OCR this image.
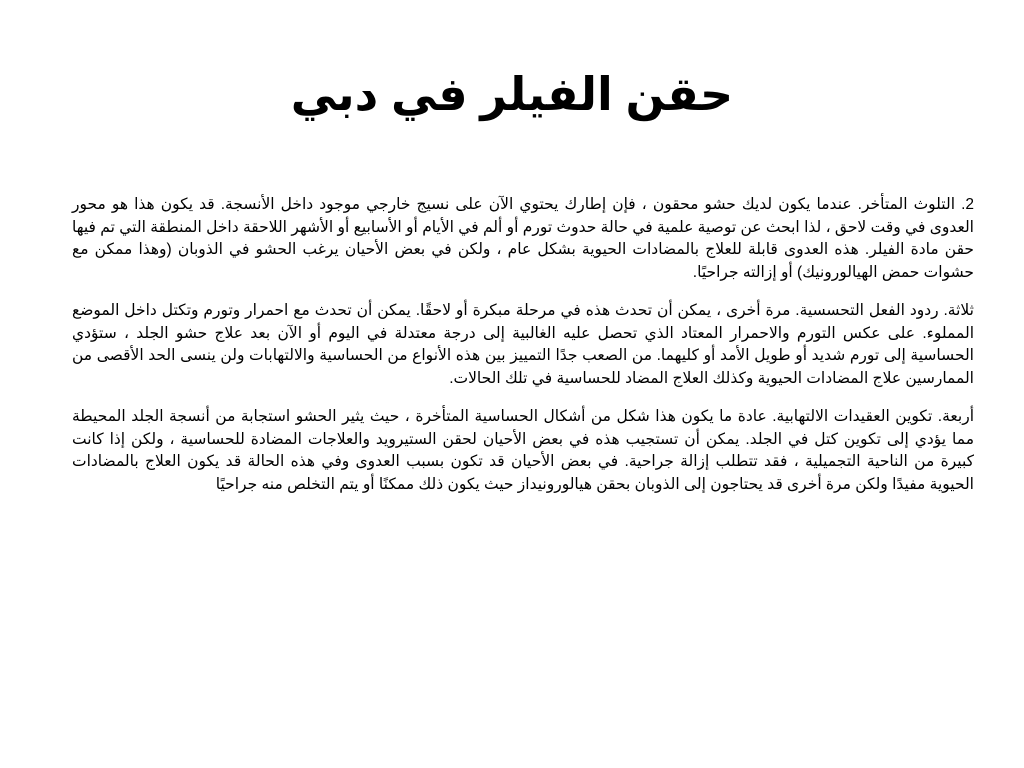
حقن الفيلر في دبي

2. التلوث المتأخر. عندما يكون لديك حشو محقون ، فإن إطارك يحتوي الآن على نسيج خارجي موجود داخل الأنسجة. قد يكون هذا هو محور العدوى في وقت لاحق ، لذا ابحث عن توصية علمية في حالة حدوث تورم أو ألم في الأيام أو الأسابيع أو الأشهر اللاحقة داخل المنطقة التي تم فيها حقن مادة الفيلر. هذه العدوى قابلة للعلاج بالمضادات الحيوية بشكل عام ، ولكن في بعض الأحيان يرغب الحشو في الذوبان (وهذا ممكن مع حشوات حمض الهيالورونيك) أو إزالته جراحيًا.

ثلاثة. ردود الفعل التحسسية. مرة أخرى ، يمكن أن تحدث هذه في مرحلة مبكرة أو لاحقًا. يمكن أن تحدث مع احمرار وتورم وتكتل داخل الموضع المملوء. على عكس التورم والاحمرار المعتاد الذي تحصل عليه الغالبية إلى درجة معتدلة في اليوم أو الآن بعد علاج حشو الجلد ، ستؤدي الحساسية إلى تورم شديد أو طويل الأمد أو كليهما. من الصعب جدًا التمييز بين هذه الأنواع من الحساسية والالتهابات ولن ينسى الحد الأقصى من الممارسين علاج المضادات الحيوية وكذلك العلاج المضاد للحساسية في تلك الحالات.

أربعة. تكوين العقيدات الالتهابية. عادة ما يكون هذا شكل من أشكال الحساسية المتأخرة ، حيث يثير الحشو استجابة من أنسجة الجلد المحيطة مما يؤدي إلى تكوين كتل في الجلد. يمكن أن تستجيب هذه في بعض الأحيان لحقن الستيرويد والعلاجات المضادة للحساسية ، ولكن إذا كانت كبيرة من الناحية التجميلية ، فقد تتطلب إزالة جراحية. في بعض الأحيان قد تكون بسبب العدوى وفي هذه الحالة قد يكون العلاج بالمضادات الحيوية مفيدًا ولكن مرة أخرى قد يحتاجون إلى الذوبان بحقن هيالورونيداز حيث يكون ذلك ممكنًا أو يتم التخلص منه جراحيًا
